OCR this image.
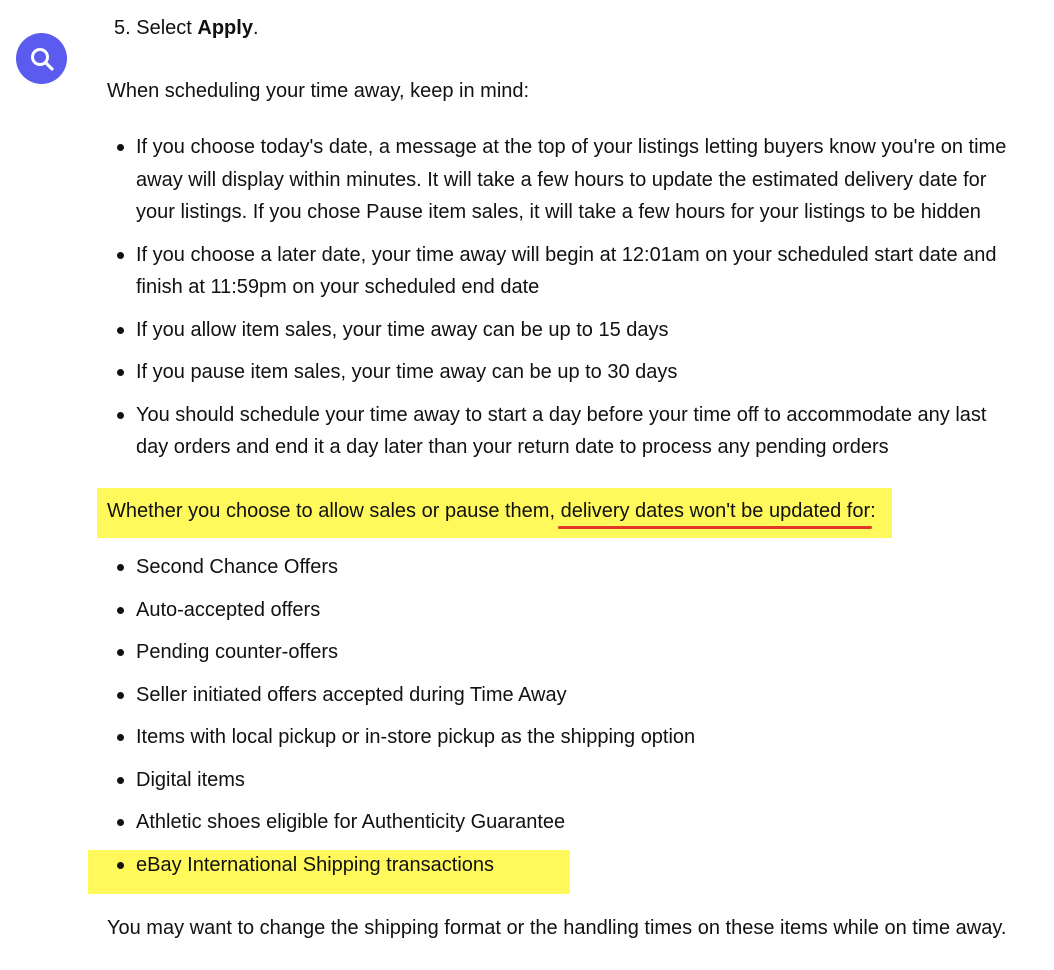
5. Select Apply.
When scheduling your time away, keep in mind:
If you choose today's date, a message at the top of your listings letting buyers know you're on time away will display within minutes. It will take a few hours to update the estimated delivery date for your listings. If you chose Pause item sales, it will take a few hours for your listings to be hidden
If you choose a later date, your time away will begin at 12:01am on your scheduled start date and finish at 11:59pm on your scheduled end date
If you allow item sales, your time away can be up to 15 days
If you pause item sales, your time away can be up to 30 days
You should schedule your time away to start a day before your time off to accommodate any last day orders and end it a day later than your return date to process any pending orders
Whether you choose to allow sales or pause them, delivery dates won't be updated for:
Second Chance Offers
Auto-accepted offers
Pending counter-offers
Seller initiated offers accepted during Time Away
Items with local pickup or in-store pickup as the shipping option
Digital items
Athletic shoes eligible for Authenticity Guarantee
eBay International Shipping transactions
You may want to change the shipping format or the handling times on these items while on time away.
